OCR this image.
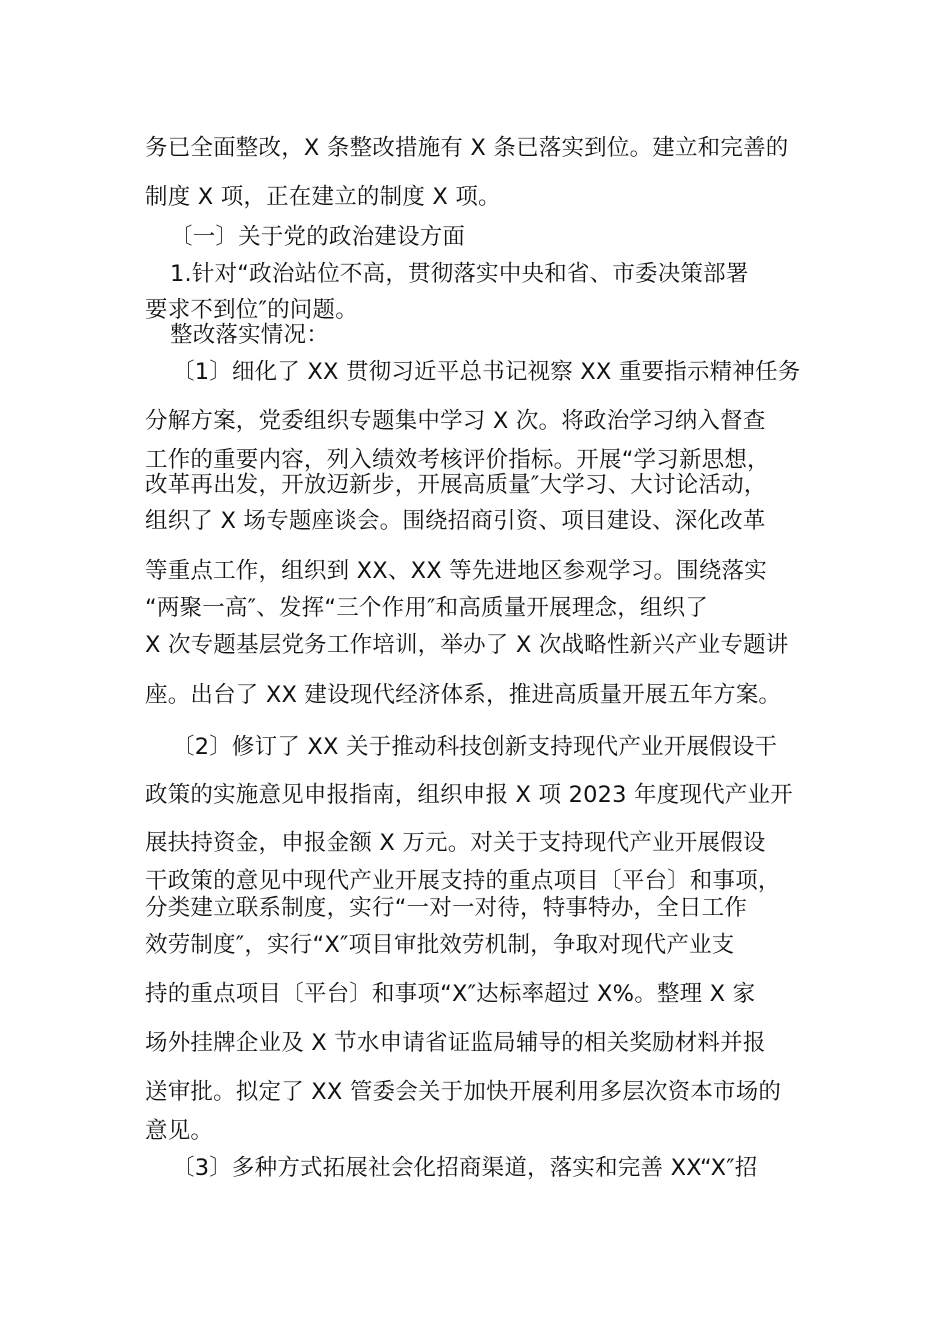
务已全面整改，X 条整改措施有 X 条已落实到位。建立和完善的
制度 X 项，正在建立的制度 X 项。
〔一〕关于党的政治建设方面
1.针对“政治站位不高，贯彻落实中央和省、市委决策部署
要求不到位″的问题。
整改落实情况：
〔1〕细化了 XX 贯彻习近平总书记视察 XX 重要指示精神任务
分解方案，党委组织专题集中学习 X 次。将政治学习纳入督查
工作的重要内容，列入绩效考核评价指标。开展“学习新思想，
改革再出发，开放迈新步，开展高质量″大学习、大讨论活动，
组织了 X 场专题座谈会。围绕招商引资、项目建设、深化改革
等重点工作，组织到 XX、XX 等先进地区参观学习。围绕落实
“两聚一高″、发挥“三个作用″和高质量开展理念，组织了
X 次专题基层党务工作培训，举办了 X 次战略性新兴产业专题讲
座。出台了 XX 建设现代经济体系，推进高质量开展五年方案。
〔2〕修订了 XX 关于推动科技创新支持现代产业开展假设干
政策的实施意见申报指南，组织申报 X 项 2023 年度现代产业开
展扶持资金，申报金额 X 万元。对关于支持现代产业开展假设
干政策的意见中现代产业开展支持的重点项目〔平台〕和事项，
分类建立联系制度，实行“一对一对待，特事特办，全日工作
效劳制度″，实行“X″项目审批效劳机制，争取对现代产业支
持的重点项目〔平台〕和事项“X″达标率超过 X%。整理 X 家
场外挂牌企业及 X 节水申请省证监局辅导的相关奖励材料并报
送审批。拟定了 XX 管委会关于加快开展利用多层次资本市场的
意见。
〔3〕多种方式拓展社会化招商渠道，落实和完善 XX“X″招
